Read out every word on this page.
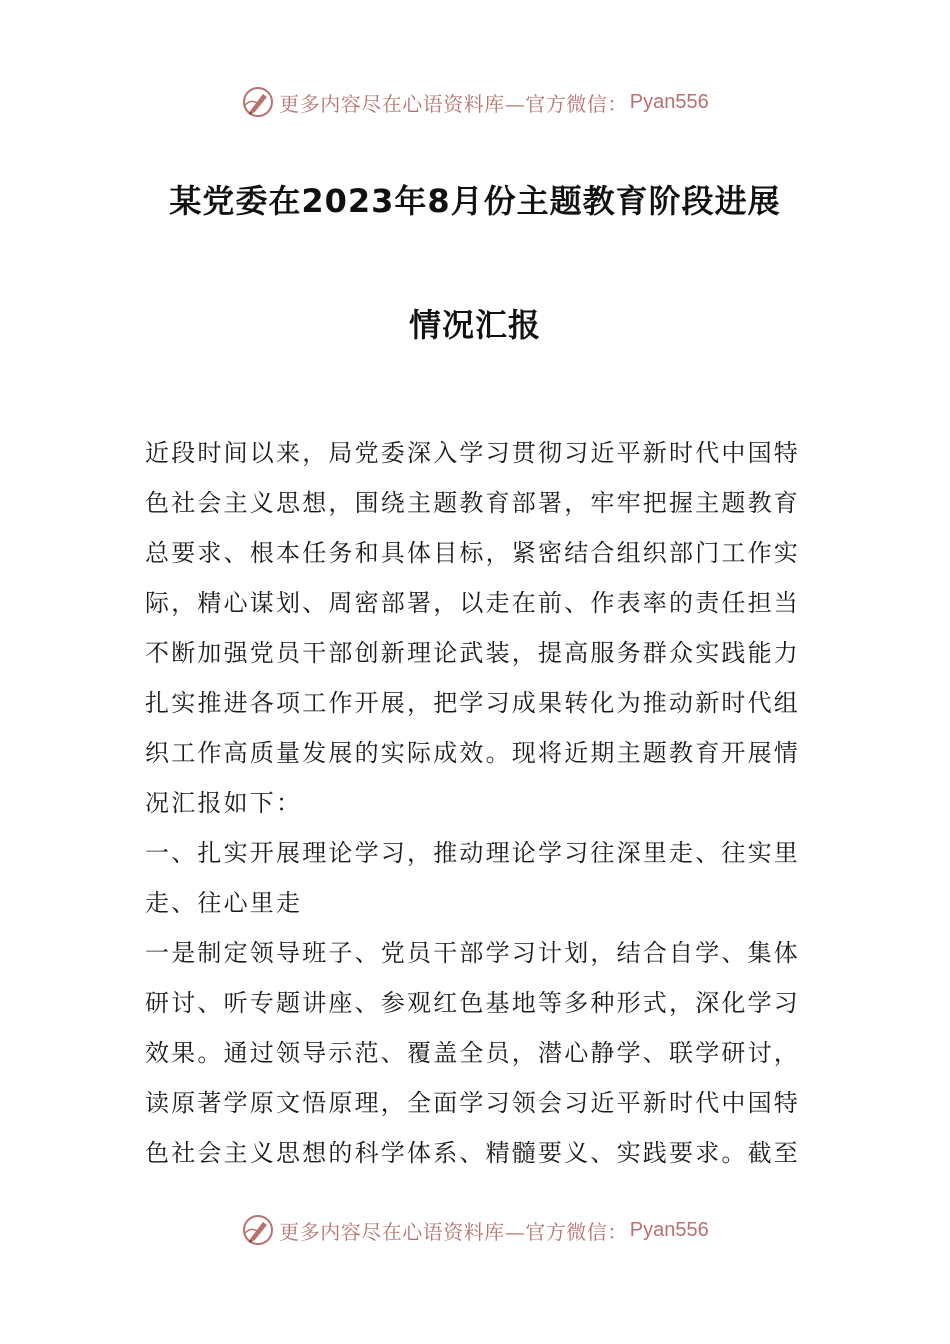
更多内容尽在心语资料库—官方微信： Pyan556
某党委在2023年8月份主题教育阶段进展
情况汇报
近段时间以来，局党委深入学习贯彻习近平新时代中国特
色社会主义思想，围绕主题教育部署，牢牢把握主题教育
总要求、根本任务和具体目标，紧密结合组织部门工作实
际，精心谋划、周密部署，以走在前、作表率的责任担当
不断加强党员干部创新理论武装，提高服务群众实践能力
扎实推进各项工作开展，把学习成果转化为推动新时代组
织工作高质量发展的实际成效。现将近期主题教育开展情
况汇报如下：
一、扎实开展理论学习，推动理论学习往深里走、往实里
走、往心里走
一是制定领导班子、党员干部学习计划，结合自学、集体
研讨、听专题讲座、参观红色基地等多种形式，深化学习
效果。通过领导示范、覆盖全员，潜心静学、联学研讨，
读原著学原文悟原理，全面学习领会习近平新时代中国特
色社会主义思想的科学体系、精髓要义、实践要求。截至
更多内容尽在心语资料库—官方微信： Pyan556
